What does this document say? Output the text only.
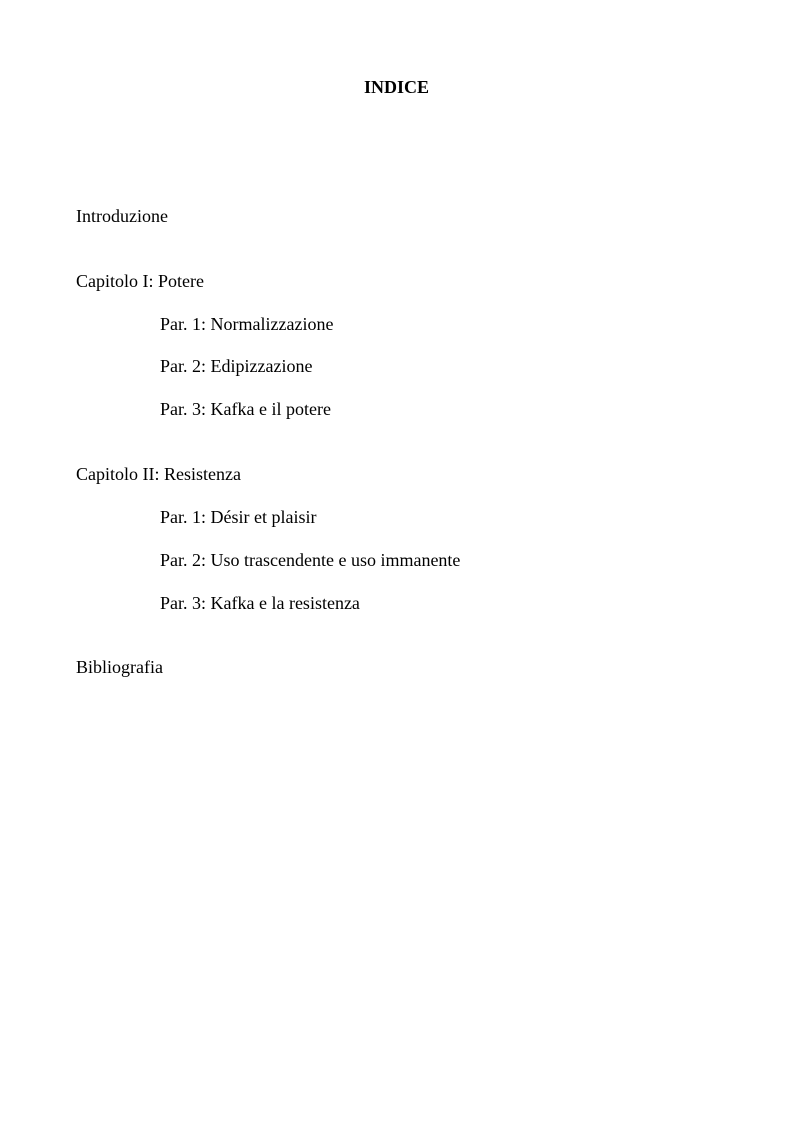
INDICE
Introduzione
Capitolo I: Potere
Par. 1: Normalizzazione
Par. 2: Edipizzazione
Par. 3: Kafka e il potere
Capitolo II: Resistenza
Par. 1: Désir et plaisir
Par. 2: Uso trascendente e uso immanente
Par. 3: Kafka e la resistenza
Bibliografia
